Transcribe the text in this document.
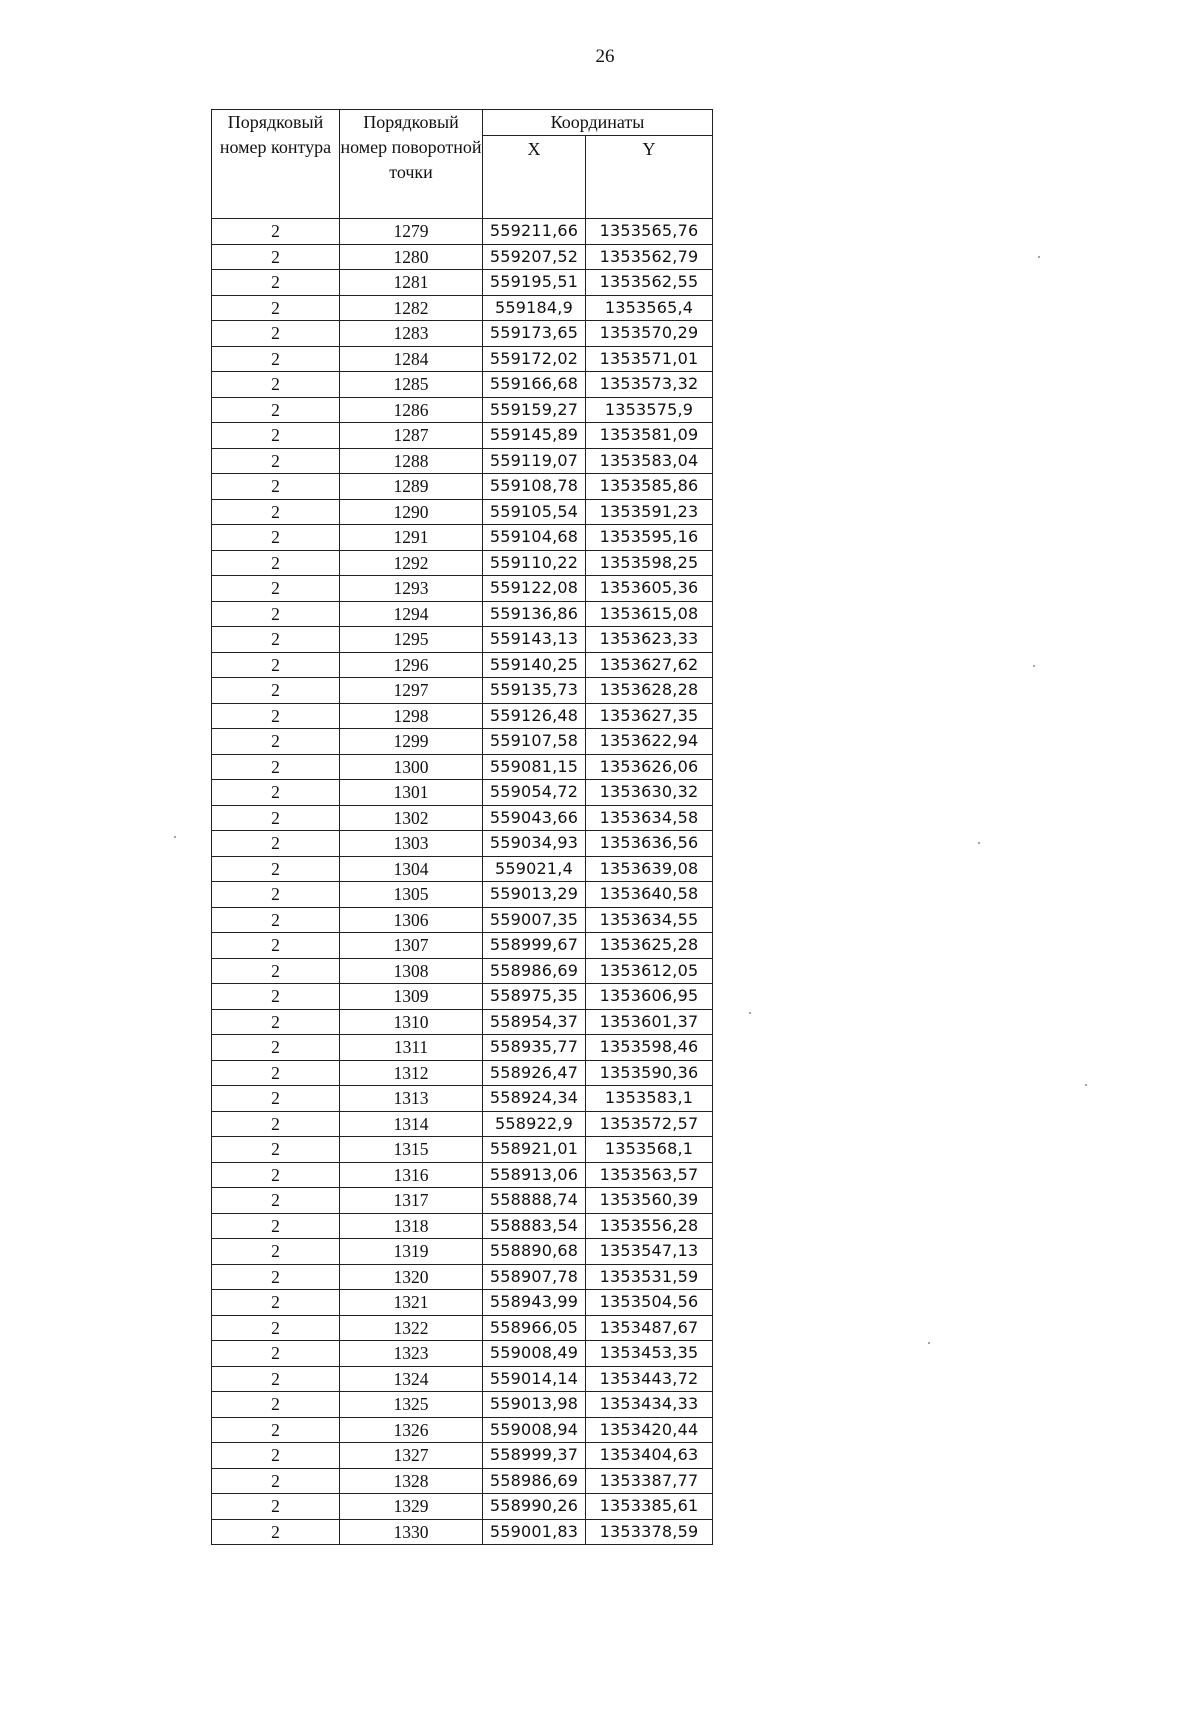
26
Порядковый номер контура	Порядковый номер поворотной точки	Координаты	
		X	Y
2	1279	559211,66	1353565,76
2	1280	559207,52	1353562,79
2	1281	559195,51	1353562,55
2	1282	559184,9	1353565,4
2	1283	559173,65	1353570,29
2	1284	559172,02	1353571,01
2	1285	559166,68	1353573,32
2	1286	559159,27	1353575,9
2	1287	559145,89	1353581,09
2	1288	559119,07	1353583,04
2	1289	559108,78	1353585,86
2	1290	559105,54	1353591,23
2	1291	559104,68	1353595,16
2	1292	559110,22	1353598,25
2	1293	559122,08	1353605,36
2	1294	559136,86	1353615,08
2	1295	559143,13	1353623,33
2	1296	559140,25	1353627,62
2	1297	559135,73	1353628,28
2	1298	559126,48	1353627,35
2	1299	559107,58	1353622,94
2	1300	559081,15	1353626,06
2	1301	559054,72	1353630,32
2	1302	559043,66	1353634,58
2	1303	559034,93	1353636,56
2	1304	559021,4	1353639,08
2	1305	559013,29	1353640,58
2	1306	559007,35	1353634,55
2	1307	558999,67	1353625,28
2	1308	558986,69	1353612,05
2	1309	558975,35	1353606,95
2	1310	558954,37	1353601,37
2	1311	558935,77	1353598,46
2	1312	558926,47	1353590,36
2	1313	558924,34	1353583,1
2	1314	558922,9	1353572,57
2	1315	558921,01	1353568,1
2	1316	558913,06	1353563,57
2	1317	558888,74	1353560,39
2	1318	558883,54	1353556,28
2	1319	558890,68	1353547,13
2	1320	558907,78	1353531,59
2	1321	558943,99	1353504,56
2	1322	558966,05	1353487,67
2	1323	559008,49	1353453,35
2	1324	559014,14	1353443,72
2	1325	559013,98	1353434,33
2	1326	559008,94	1353420,44
2	1327	558999,37	1353404,63
2	1328	558986,69	1353387,77
2	1329	558990,26	1353385,61
2	1330	559001,83	1353378,59
